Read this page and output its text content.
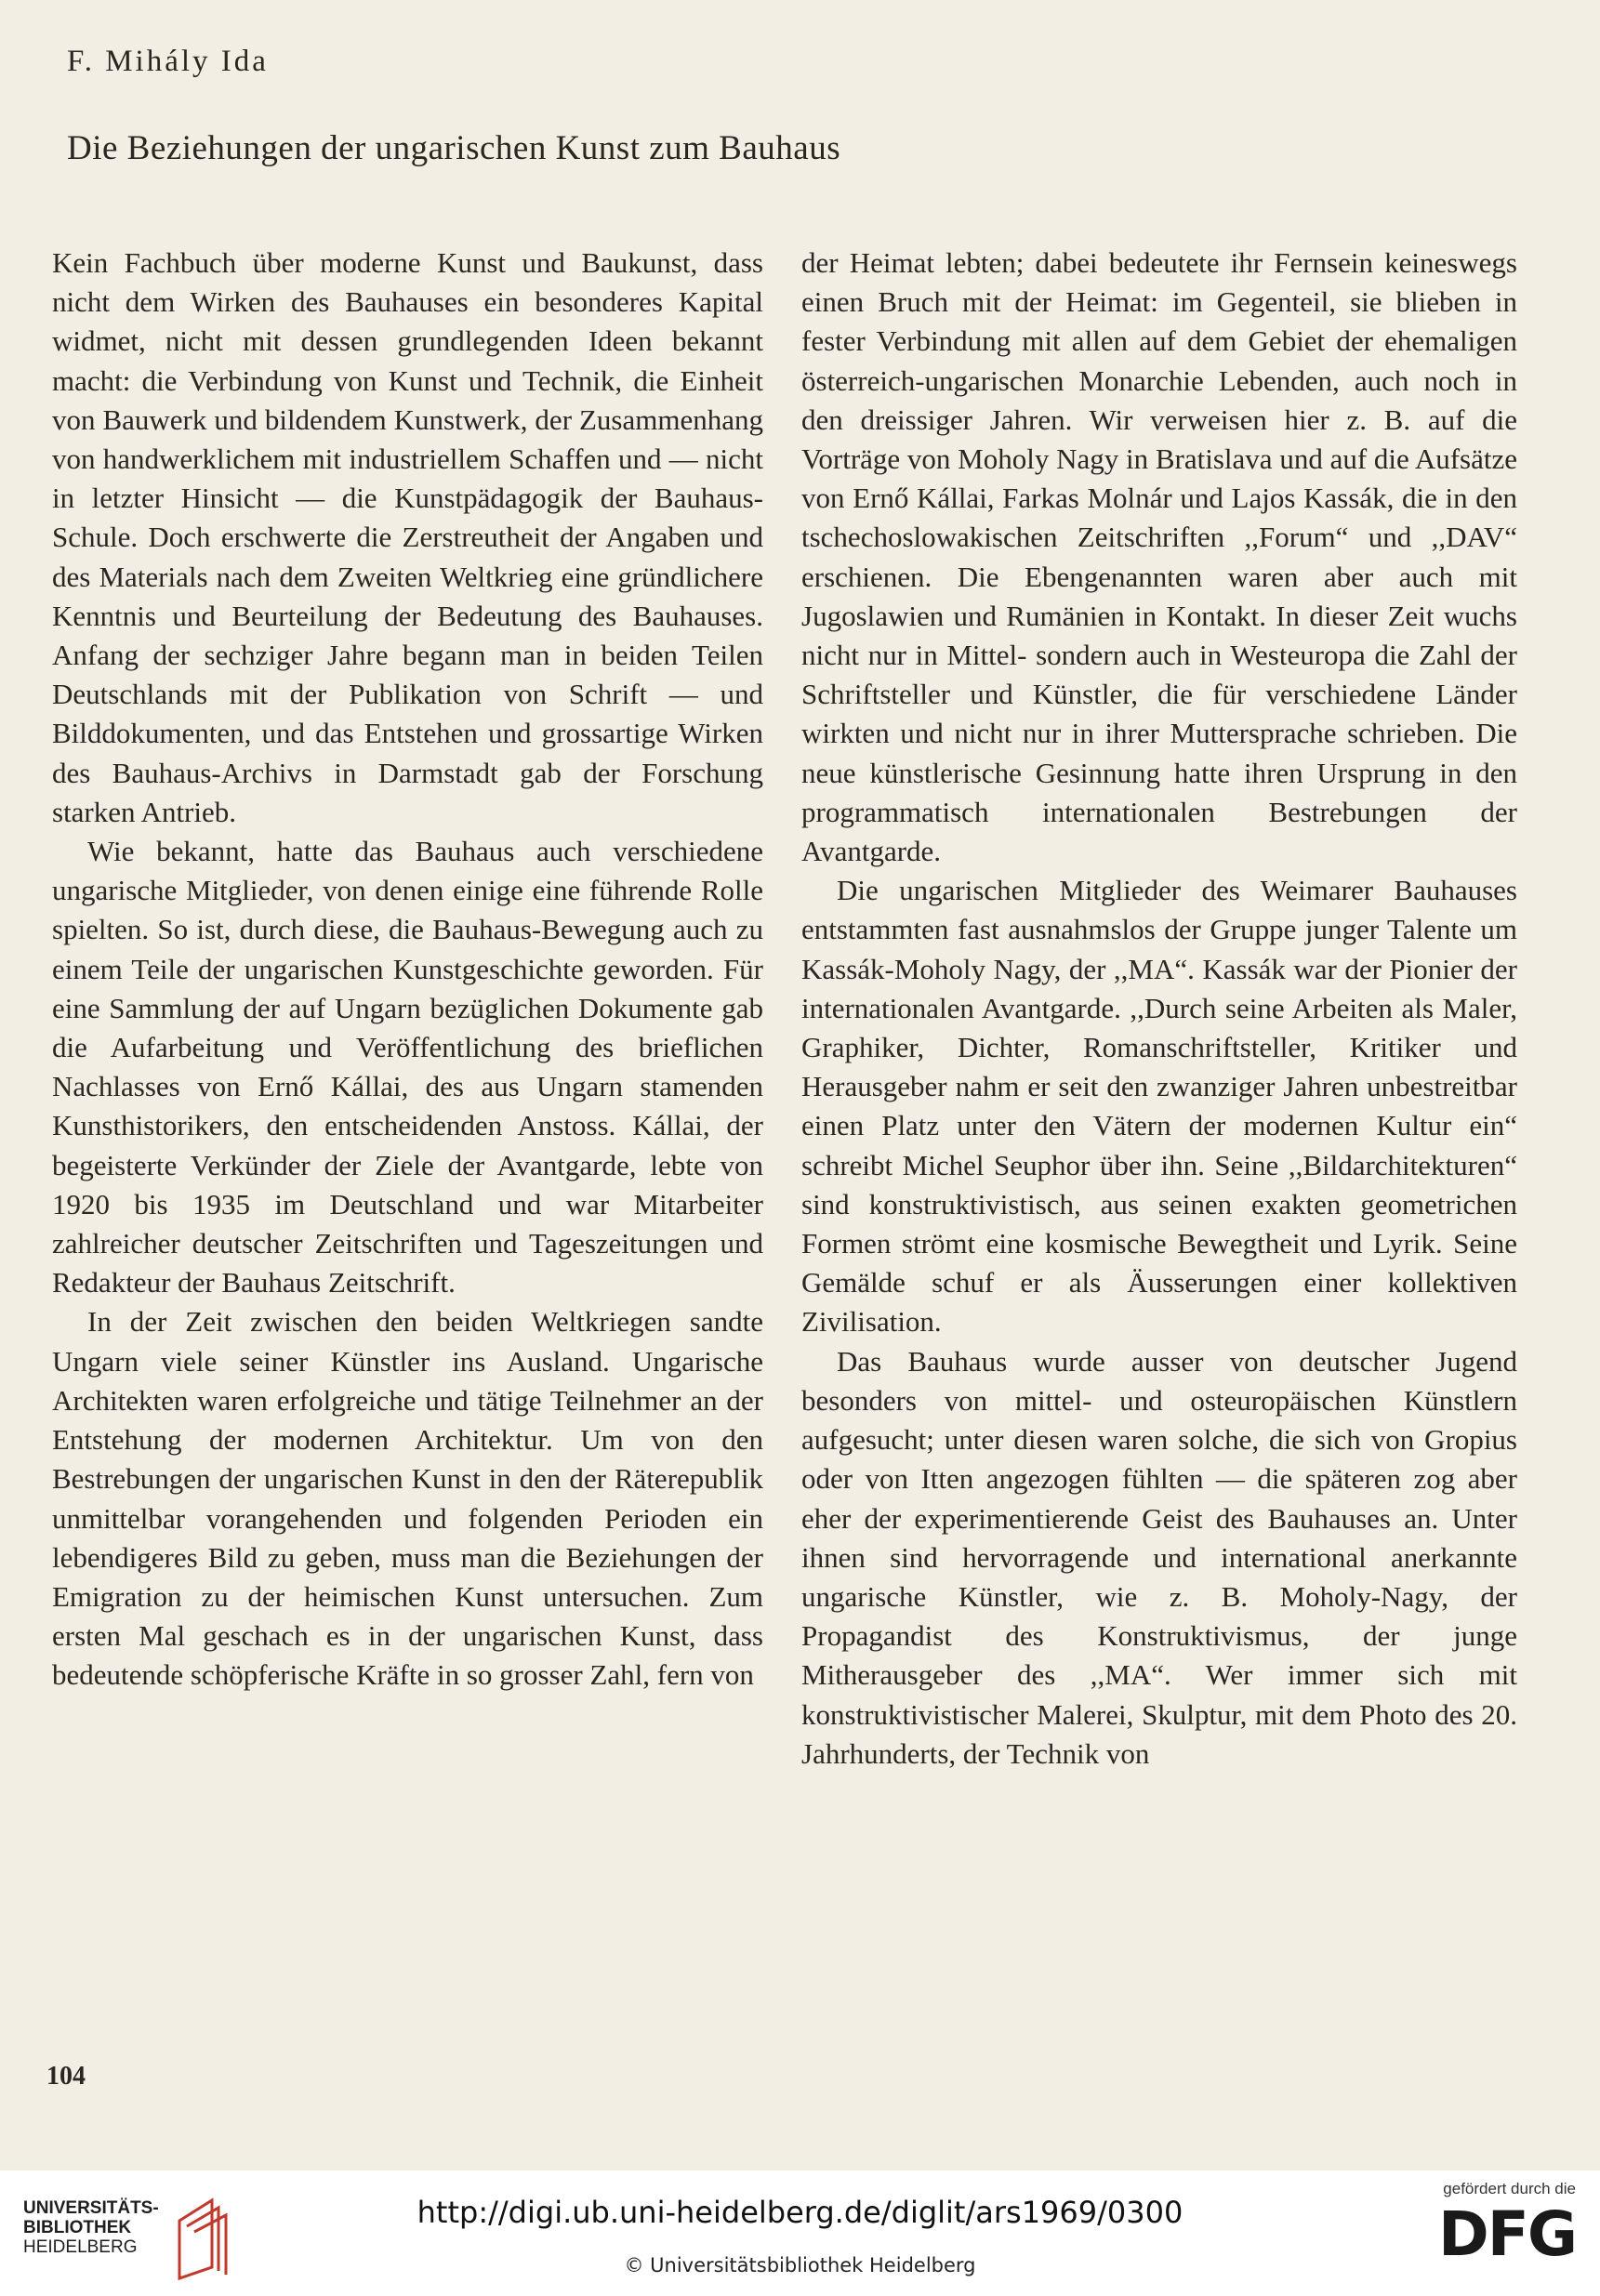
F. Mihály Ida
Die Beziehungen der ungarischen Kunst zum Bauhaus

Kein Fachbuch über moderne Kunst und Baukunst, dass nicht dem Wirken des Bauhauses ein besonderes Kapital widmet, nicht mit dessen grundlegenden Ideen bekannt macht: die Verbindung von Kunst und Technik, die Einheit von Bauwerk und bildendem Kunstwerk, der Zusammenhang von handwerklichem mit industriellem Schaffen und — nicht in letzter Hinsicht — die Kunstpädagogik der Bauhaus-Schule. Doch erschwerte die Zerstreutheit der Angaben und des Materials nach dem Zweiten Weltkrieg eine gründlichere Kenntnis und Beurteilung der Bedeutung des Bauhauses. Anfang der sechziger Jahre begann man in beiden Teilen Deutschlands mit der Publikation von Schrift — und Bilddokumenten, und das Entstehen und grossartige Wirken des Bauhaus-Archivs in Darmstadt gab der Forschung starken Antrieb.

Wie bekannt, hatte das Bauhaus auch verschiedene ungarische Mitglieder, von denen einige eine führende Rolle spielten. So ist, durch diese, die Bauhaus-Bewegung auch zu einem Teile der ungarischen Kunstgeschichte geworden. Für eine Sammlung der auf Ungarn bezüglichen Dokumente gab die Aufarbeitung und Veröffentlichung des brieflichen Nachlasses von Ernő Kállai, des aus Ungarn stamenden Kunsthistorikers, den entscheidenden Anstoss. Kállai, der begeisterte Verkünder der Ziele der Avantgarde, lebte von 1920 bis 1935 im Deutschland und war Mitarbeiter zahlreicher deutscher Zeitschriften und Tageszeitungen und Redakteur der Bauhaus Zeitschrift.

In der Zeit zwischen den beiden Weltkriegen sandte Ungarn viele seiner Künstler ins Ausland. Ungarische Architekten waren erfolgreiche und tätige Teilnehmer an der Entstehung der modernen Architektur. Um von den Bestrebungen der ungarischen Kunst in den der Räterepublik unmittelbar vorangehenden und folgenden Perioden ein lebendigeres Bild zu geben, muss man die Beziehungen der Emigration zu der heimischen Kunst untersuchen. Zum ersten Mal geschach es in der ungarischen Kunst, dass bedeutende schöpferische Kräfte in so grosser Zahl, fern von

der Heimat lebten; dabei bedeutete ihr Fernsein keineswegs einen Bruch mit der Heimat: im Gegenteil, sie blieben in fester Verbindung mit allen auf dem Gebiet der ehemaligen österreich-ungarischen Monarchie Lebenden, auch noch in den dreissiger Jahren. Wir verweisen hier z. B. auf die Vorträge von Moholy Nagy in Bratislava und auf die Aufsätze von Ernő Kállai, Farkas Molnár und Lajos Kassák, die in den tschechoslowakischen Zeitschriften ,,Forum“ und ,,DAV“ erschienen. Die Ebengenannten waren aber auch mit Jugoslawien und Rumänien in Kontakt. In dieser Zeit wuchs nicht nur in Mittel- sondern auch in Westeuropa die Zahl der Schriftsteller und Künstler, die für verschiedene Länder wirkten und nicht nur in ihrer Muttersprache schrieben. Die neue künstlerische Gesinnung hatte ihren Ursprung in den programmatisch internationalen Bestrebungen der Avantgarde.

Die ungarischen Mitglieder des Weimarer Bauhauses entstammten fast ausnahmslos der Gruppe junger Talente um Kassák-Moholy Nagy, der ,,MA“. Kassák war der Pionier der internationalen Avantgarde. ,,Durch seine Arbeiten als Maler, Graphiker, Dichter, Romanschriftsteller, Kritiker und Herausgeber nahm er seit den zwanziger Jahren unbestreitbar einen Platz unter den Vätern der modernen Kultur ein“ schreibt Michel Seuphor über ihn. Seine ,,Bildarchitekturen“ sind konstruktivistisch, aus seinen exakten geometrichen Formen strömt eine kosmische Bewegtheit und Lyrik. Seine Gemälde schuf er als Äusserungen einer kollektiven Zivilisation.

Das Bauhaus wurde ausser von deutscher Jugend besonders von mittel- und osteuropäischen Künstlern aufgesucht; unter diesen waren solche, die sich von Gropius oder von Itten angezogen fühlten — die späteren zog aber eher der experimentierende Geist des Bauhauses an. Unter ihnen sind hervorragende und international anerkannte ungarische Künstler, wie z. B. Moholy-Nagy, der Propagandist des Konstruktivismus, der junge Mitherausgeber des ,,MA“. Wer immer sich mit konstruktivistischer Malerei, Skulptur, mit dem Photo des 20. Jahrhunderts, der Technik von

104
UNIVERSITÄTS-
BIBLIOTHEK
HEIDELBERG
http://digi.ub.uni-heidelberg.de/diglit/ars1969/0300
© Universitätsbibliothek Heidelberg
gefördert durch die
DFG
